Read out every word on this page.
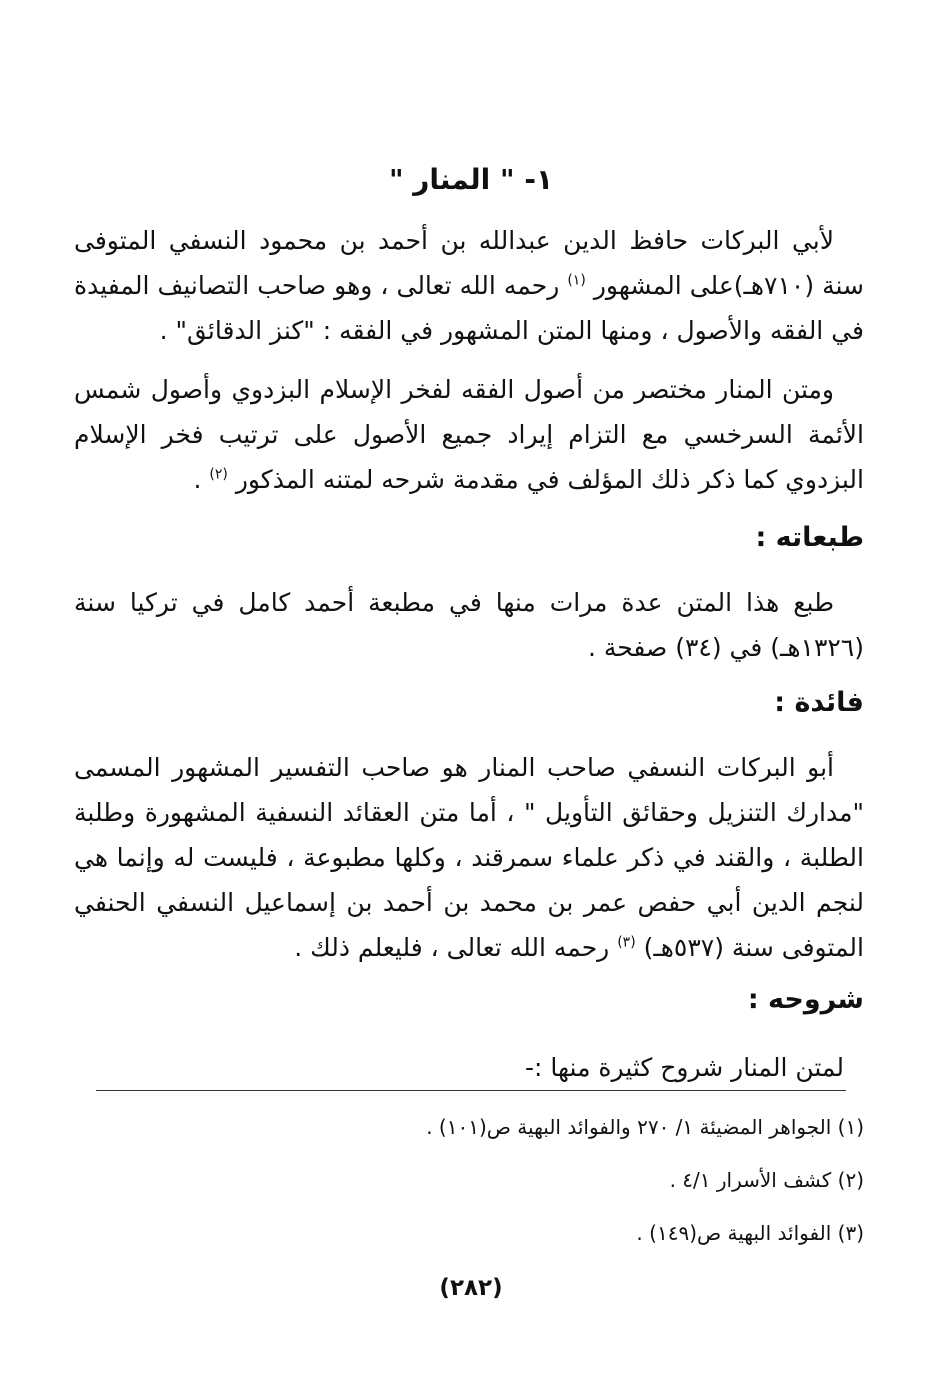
١- " المنار "

لأبي البركات حافظ الدين عبدالله بن أحمد بن محمود النسفي المتوفى سنة (٧١٠هـ)على المشهور $^{(١)}$ رحمه الله تعالى ، وهو صاحب التصانيف المفيدة في الفقه والأصول ، ومنها المتن المشهور في الفقه : "كنز الدقائق" .

ومتن المنار مختصر من أصول الفقه لفخر الإسلام البزدوي وأصول شمس الأئمة السرخسي مع التزام إيراد جميع الأصول على ترتيب فخر الإسلام البزدوي كما ذكر ذلك المؤلف في مقدمة شرحه لمتنه المذكور $^{(٢)}$ .

طبعاته :

طبع هذا المتن عدة مرات منها في مطبعة أحمد كامل في تركيا سنة (١٣٢٦هـ) في (٣٤) صفحة .

فائدة :

أبو البركات النسفي صاحب المنار هو صاحب التفسير المشهور المسمى "مدارك التنزيل وحقائق التأويل " ، أما متن العقائد النسفية المشهورة وطلبة الطلبة ، والقند في ذكر علماء سمرقند ، وكلها مطبوعة ، فليست له وإنما هي لنجم الدين أبي حفص عمر بن محمد بن أحمد بن إسماعيل النسفي الحنفي المتوفى سنة (٥٣٧هـ) $^{(٣)}$ رحمه الله تعالى ، فليعلم ذلك .

شروحه :
لمتن المنار شروح كثيرة منها :-
(١) الجواهر المضيئة ١/ ٢٧٠ والفوائد البهية ص(١٠١) .
(٢) كشف الأسرار ٤/١ .
(٣) الفوائد البهية ص(١٤٩) .
(٢٨٢)
